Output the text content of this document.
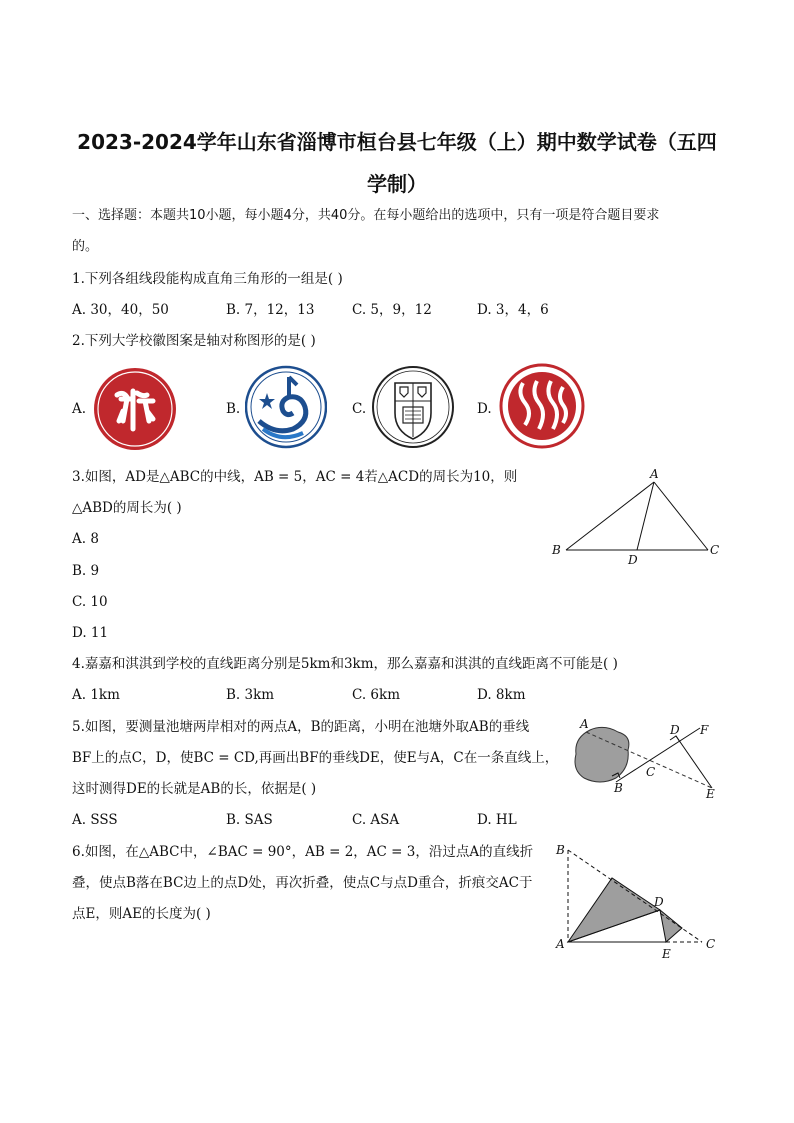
2023-2024学年山东省淄博市桓台县七年级（上）期中数学试卷（五四
学制）
一、选择题：本题共10小题，每小题4分，共40分。在每小题给出的选项中，只有一项是符合题目要求
的。
1.下列各组线段能构成直角三角形的一组是( )
A. 30，40，50	B. 7，12，13	C. 5，9，12	D. 3，4，6
2.下列大学校徽图案是轴对称图形的是( )
A.	B.	C.	D.
3.如图，AD是△ABC的中线，AB = 5，AC = 4若△ACD的周长为10，则
△ABD的周长为( )
A. 8
B. 9
C. 10
D. 11
A
B
D
C
4.嘉嘉和淇淇到学校的直线距离分别是5km和3km，那么嘉嘉和淇淇的直线距离不可能是( )
A. 1km	B. 3km	C. 6km	D. 8km
5.如图，要测量池塘两岸相对的两点A，B的距离，小明在池塘外取AB的垂线
BF上的点C，D，使BC = CD,再画出BF的垂线DE，使E与A，C在一条直线上，
这时测得DE的长就是AB的长，依据是( )
A. SSS	B. SAS	C. ASA	D. HL
A	D F
C
B	E
6.如图，在△ABC中，∠BAC = 90°，AB = 2，AC = 3，沿过点A的直线折
叠，使点B落在BC边上的点D处，再次折叠，使点C与点D重合，折痕交AC于
点E，则AE的长度为( )
B
D
A
E
C
